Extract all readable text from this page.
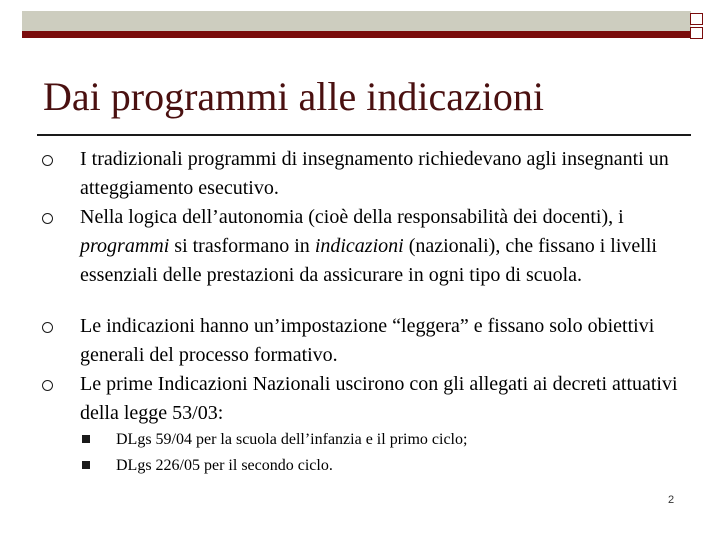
Dai programmi alle indicazioni
I tradizionali programmi di insegnamento richiedevano agli insegnanti un atteggiamento esecutivo.
Nella logica dell’autonomia (cioè della responsabilità dei docenti), i programmi si trasformano in indicazioni (nazionali), che fissano i livelli essenziali delle prestazioni da assicurare in ogni tipo di scuola.
Le indicazioni hanno un’impostazione “leggera” e fissano solo obiettivi generali del processo formativo.
Le prime Indicazioni Nazionali uscirono con gli allegati ai decreti attuativi della legge 53/03:
DLgs 59/04 per la scuola dell’infanzia e il primo ciclo;
DLgs 226/05 per il secondo ciclo.
2
